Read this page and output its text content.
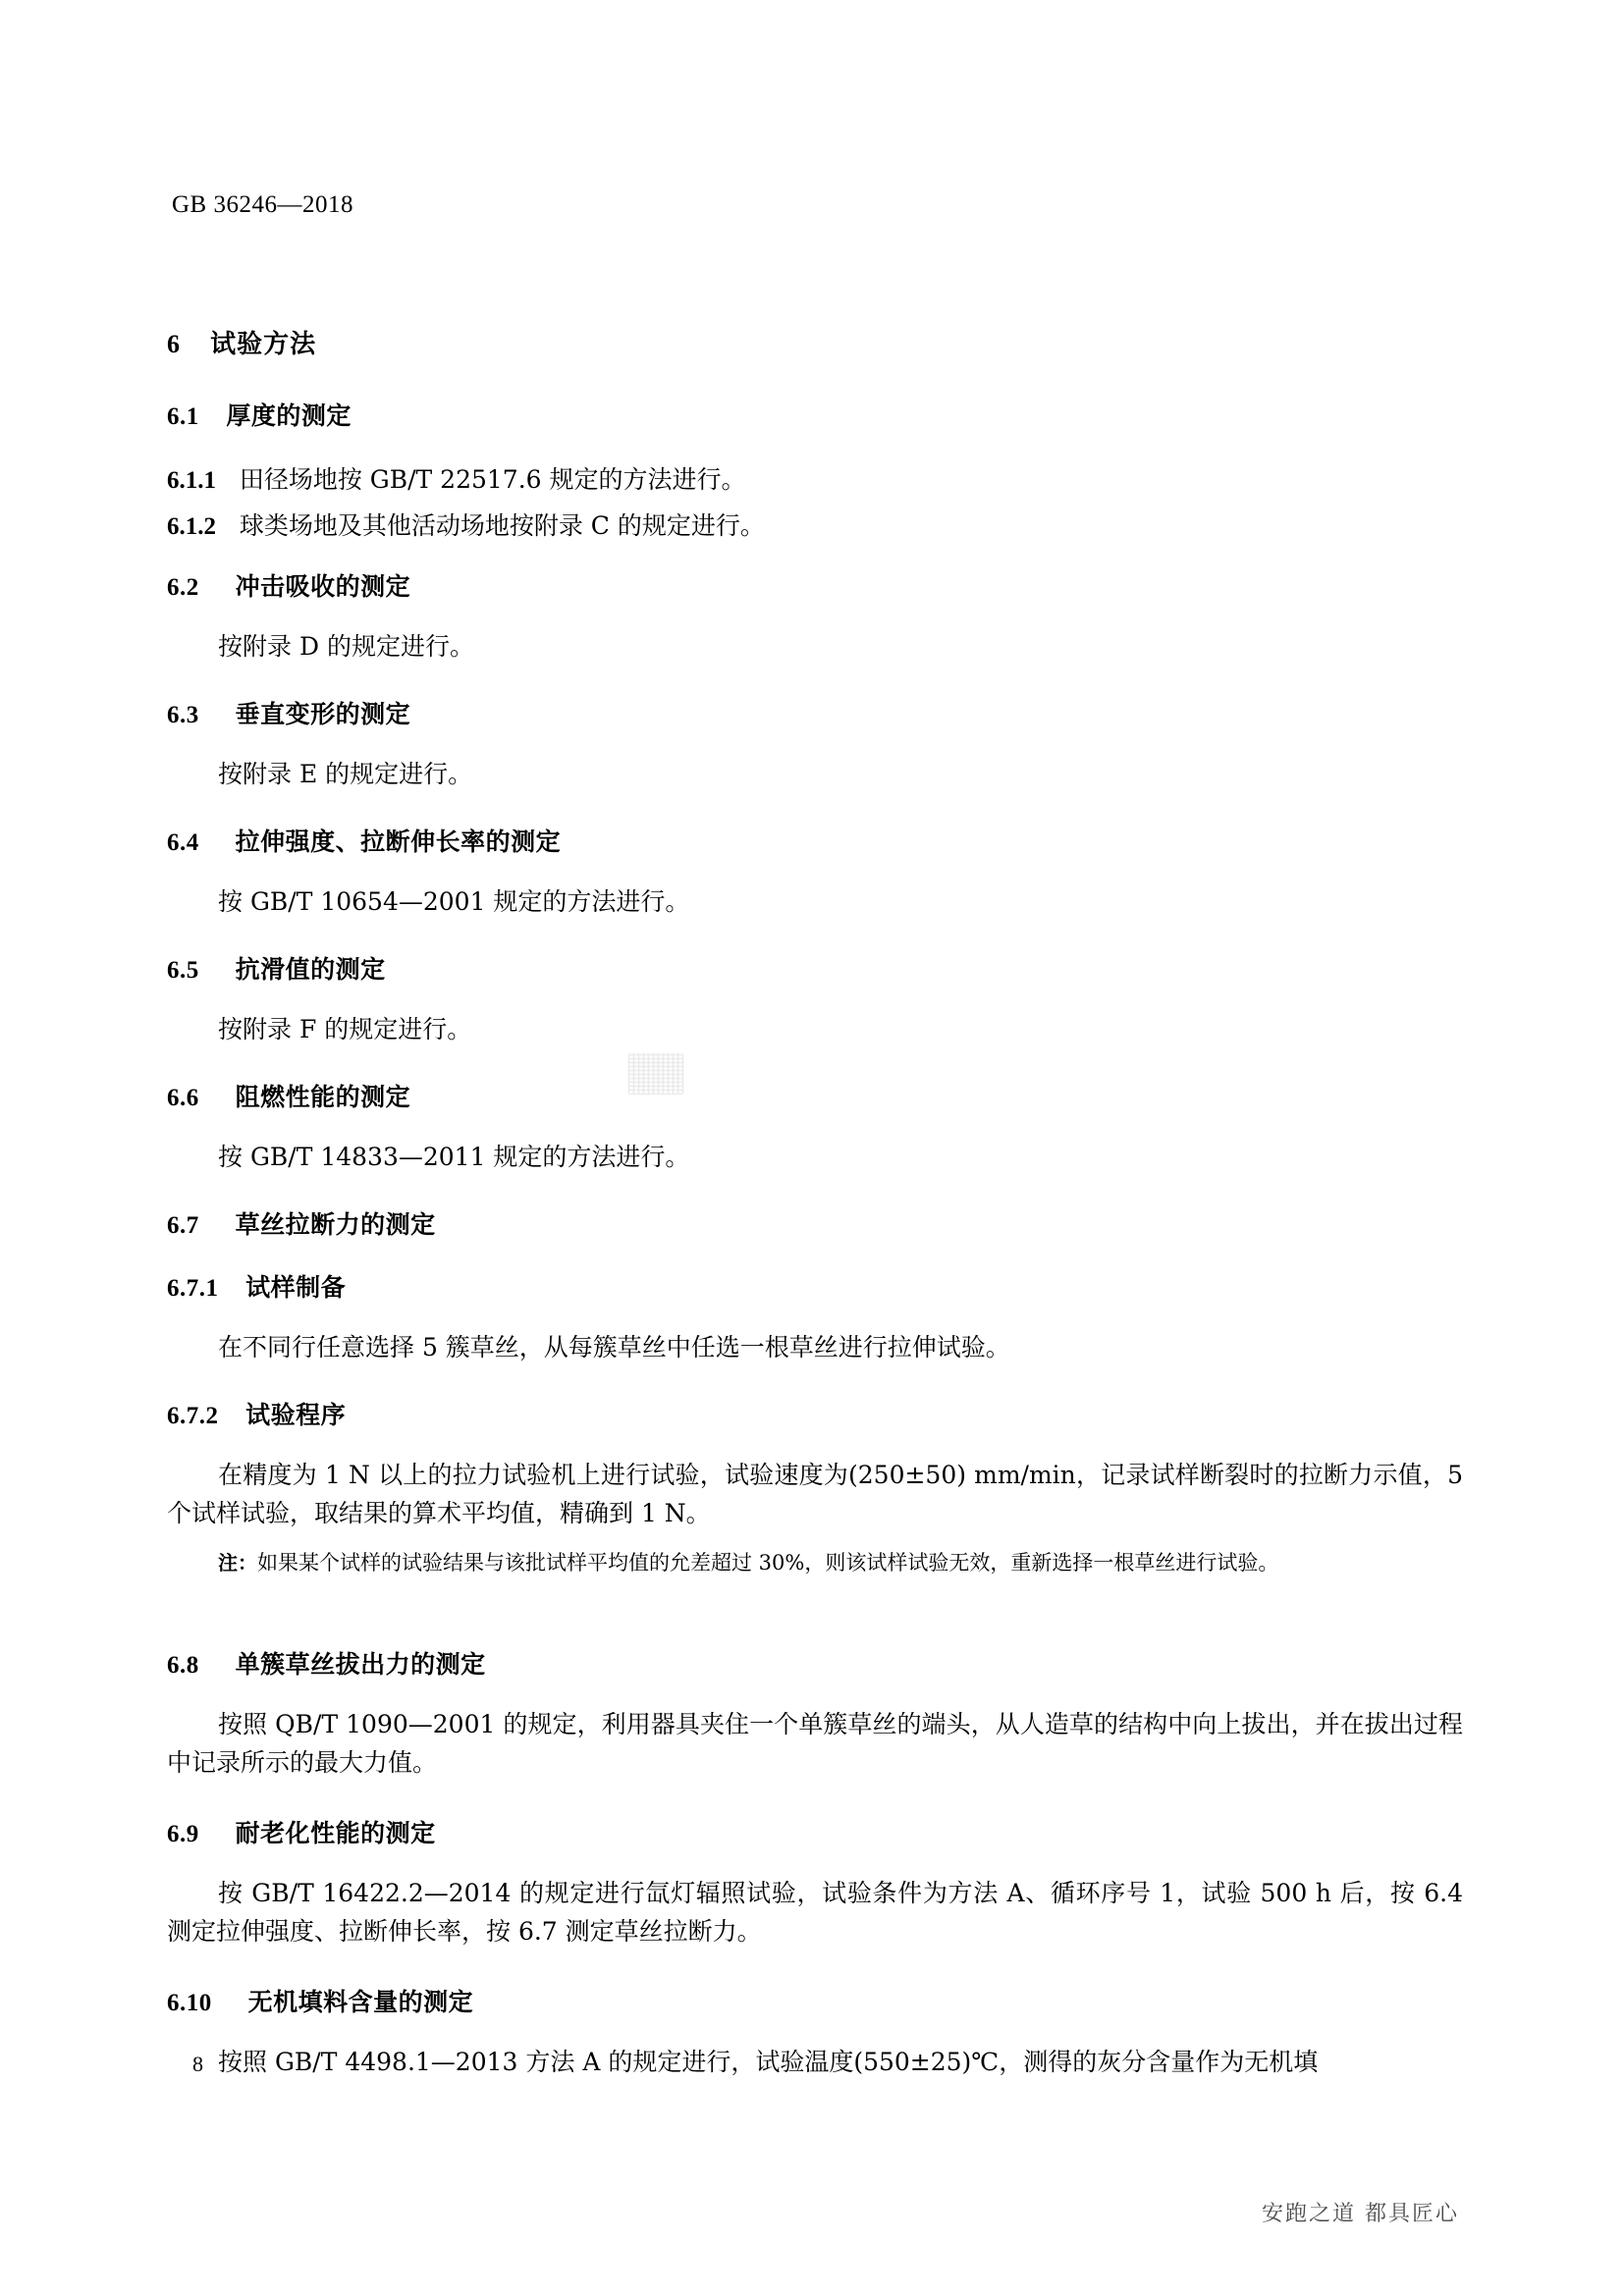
GB 36246—2018
6 试验方法
6.1 厚度的测定

6.1.1 田径场地按 GB/T 22517.6 规定的方法进行。

6.1.2 球类场地及其他活动场地按附录 C 的规定进行。

6.2 冲击吸收的测定

按附录 D 的规定进行。

6.3 垂直变形的测定

按附录 E 的规定进行。

6.4 拉伸强度、拉断伸长率的测定

按 GB/T 10654—2001 规定的方法进行。

6.5 抗滑值的测定

按附录 F 的规定进行。

6.6 阻燃性能的测定

按 GB/T 14833—2011 规定的方法进行。

6.7 草丝拉断力的测定
6.7.1 试样制备

在不同行任意选择 5 簇草丝，从每簇草丝中任选一根草丝进行拉伸试验。

6.7.2 试验程序

在精度为 1 N 以上的拉力试验机上进行试验，试验速度为(250±50) mm/min，记录试样断裂时的拉断力示值，5 个试样试验，取结果的算术平均值，精确到 1 N。

注：如果某个试样的试验结果与该批试样平均值的允差超过 30%，则该试样试验无效，重新选择一根草丝进行试验。

6.8 单簇草丝拔出力的测定

按照 QB/T 1090—2001 的规定，利用器具夹住一个单簇草丝的端头，从人造草的结构中向上拔出，并在拔出过程中记录所示的最大力值。

6.9 耐老化性能的测定

按 GB/T 16422.2—2014 的规定进行氙灯辐照试验，试验条件为方法 A、循环序号 1，试验 500 h 后，按 6.4 测定拉伸强度、拉断伸长率，按 6.7 测定草丝拉断力。

6.10 无机填料含量的测定

按照 GB/T 4498.1—2013 方法 A 的规定进行，试验温度(550±25)℃，测得的灰分含量作为无机填

8
安跑之道 都具匠心
